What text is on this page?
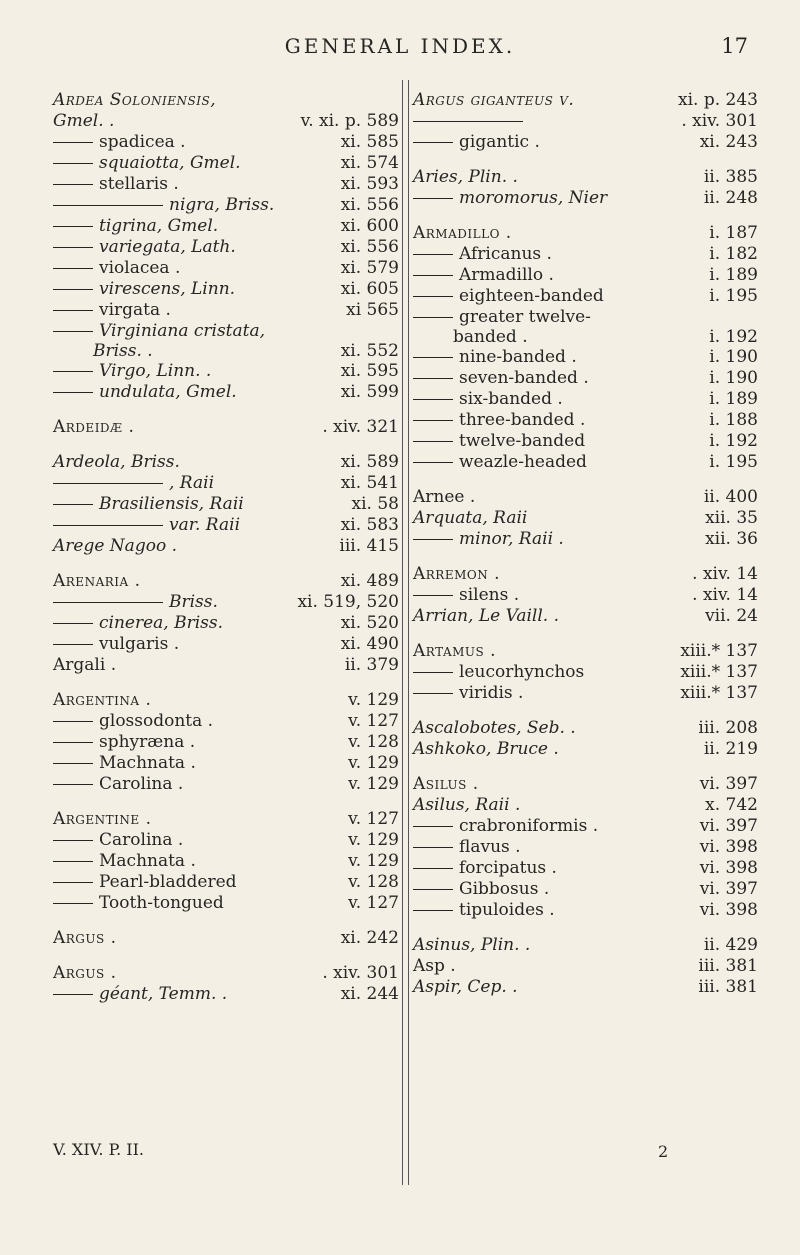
GENERAL INDEX.	17
Ardea Soloniensis,
Gmel. .	v. xi. p. 589
spadicea .	xi. 585
squaiotta, Gmel.	xi. 574
stellaris .	xi. 593
nigra, Briss.	xi. 556
tigrina, Gmel.	xi. 600
variegata, Lath.	xi. 556
violacea .	xi. 579
virescens, Linn.	xi. 605
virgata .	xi 565
Virginiana cristata,
Briss. .	xi. 552
Virgo, Linn. .	xi. 595
undulata, Gmel.	xi. 599
Ardeidæ .	. xiv. 321
Ardeola, Briss.	xi. 589
, Raii	xi. 541
Brasiliensis, Raii	xi. 58
var. Raii	xi. 583
Arege Nagoo .	iii. 415
Arenaria .	xi. 489
Briss.	xi. 519, 520
cinerea, Briss.	xi. 520
vulgaris .	xi. 490
Argali .	ii. 379
Argentina .	v. 129
glossodonta .	v. 127
sphyræna .	v. 128
Machnata .	v. 129
Carolina .	v. 129
Argentine .	v. 127
Carolina .	v. 129
Machnata .	v. 129
Pearl-bladdered	v. 128
Tooth-tongued	v. 127
Argus .	xi. 242
Argus .	. xiv. 301
géant, Temm. .	xi. 244
Argus giganteus v.	xi. p. 243
. xiv. 301
gigantic .	xi. 243
Aries, Plin. .	ii. 385
moromorus, Nier	ii. 248
Armadillo .	i. 187
Africanus .	i. 182
Armadillo .	i. 189
eighteen-banded	i. 195
greater twelve-
banded .	i. 192
nine-banded .	i. 190
seven-banded .	i. 190
six-banded .	i. 189
three-banded .	i. 188
twelve-banded	i. 192
weazle-headed	i. 195
Arnee .	ii. 400
Arquata, Raii	xii. 35
minor, Raii .	xii. 36
Arremon .	. xiv. 14
silens .	. xiv. 14
Arrian, Le Vaill. .	vii. 24
Artamus .	xiii.* 137
leucorhynchos	xiii.* 137
viridis .	xiii.* 137
Ascalobotes, Seb. .	iii. 208
Ashkoko, Bruce .	ii. 219
Asilus .	vi. 397
Asilus, Raii .	x. 742
crabroniformis .	vi. 397
flavus .	vi. 398
forcipatus .	vi. 398
Gibbosus .	vi. 397
tipuloides .	vi. 398
Asinus, Plin. .	ii. 429
Asp .	iii. 381
Aspir, Cep. .	iii. 381
V. XIV. P. II.	2
